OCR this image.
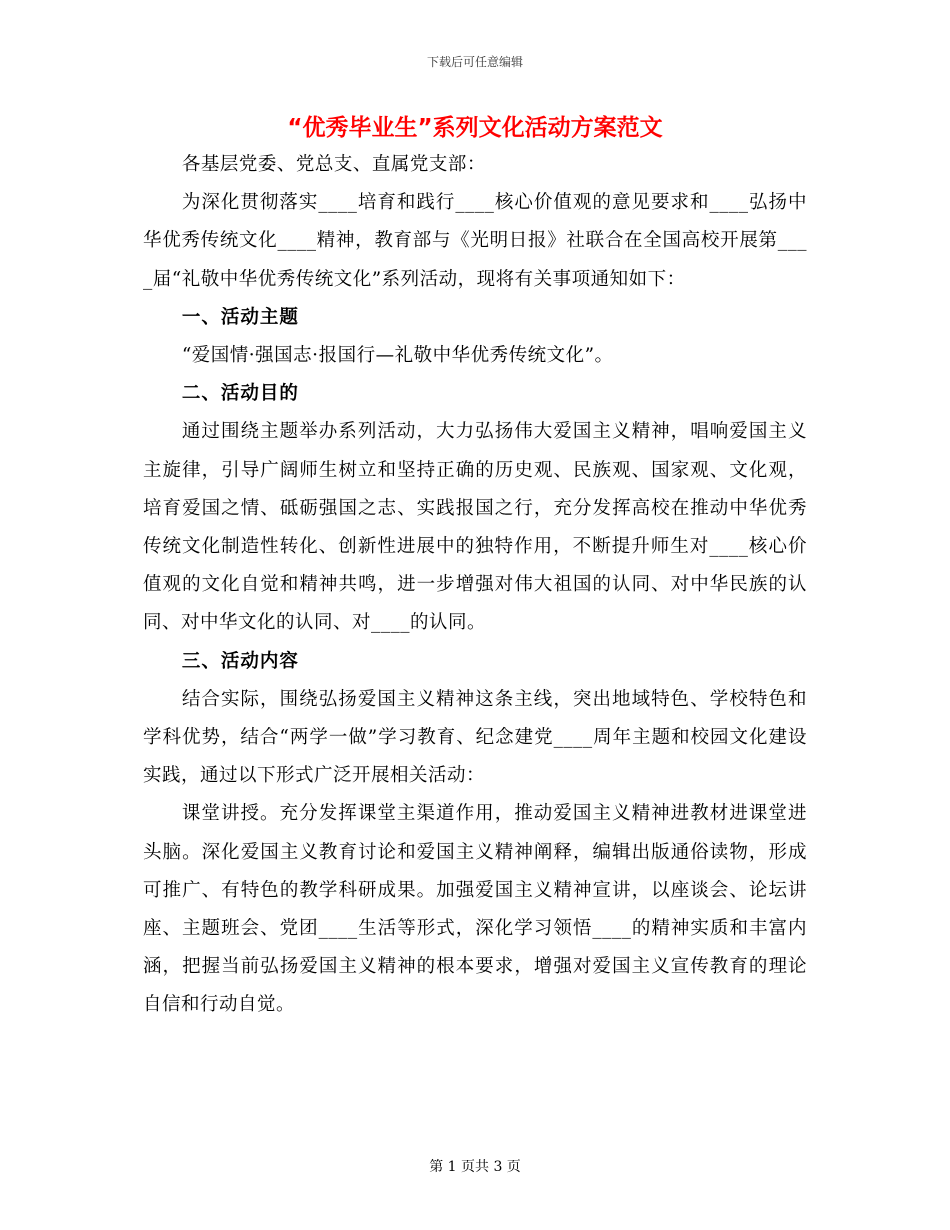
下载后可任意编辑
“优秀毕业生”系列文化活动方案范文

各基层党委、党总支、直属党支部：

为深化贯彻落实____培育和践行____核心价值观的意见要求和____弘扬中华优秀传统文化____精神，教育部与《光明日报》社联合在全国高校开展第____届“礼敬中华优秀传统文化”系列活动，现将有关事项通知如下：

一、活动主题

“爱国情·强国志·报国行—礼敬中华优秀传统文化”。

二、活动目的

通过围绕主题举办系列活动，大力弘扬伟大爱国主义精神，唱响爱国主义主旋律，引导广阔师生树立和坚持正确的历史观、民族观、国家观、文化观，培育爱国之情、砥砺强国之志、实践报国之行，充分发挥高校在推动中华优秀传统文化制造性转化、创新性进展中的独特作用，不断提升师生对____核心价值观的文化自觉和精神共鸣，进一步增强对伟大祖国的认同、对中华民族的认同、对中华文化的认同、对____的认同。

三、活动内容

结合实际，围绕弘扬爱国主义精神这条主线，突出地域特色、学校特色和学科优势，结合“两学一做”学习教育、纪念建党____周年主题和校园文化建设实践，通过以下形式广泛开展相关活动：

课堂讲授。充分发挥课堂主渠道作用，推动爱国主义精神进教材进课堂进头脑。深化爱国主义教育讨论和爱国主义精神阐释，编辑出版通俗读物，形成可推广、有特色的教学科研成果。加强爱国主义精神宣讲，以座谈会、论坛讲座、主题班会、党团____生活等形式，深化学习领悟____的精神实质和丰富内涵，把握当前弘扬爱国主义精神的根本要求，增强对爱国主义宣传教育的理论自信和行动自觉。

第 1 页共 3 页
